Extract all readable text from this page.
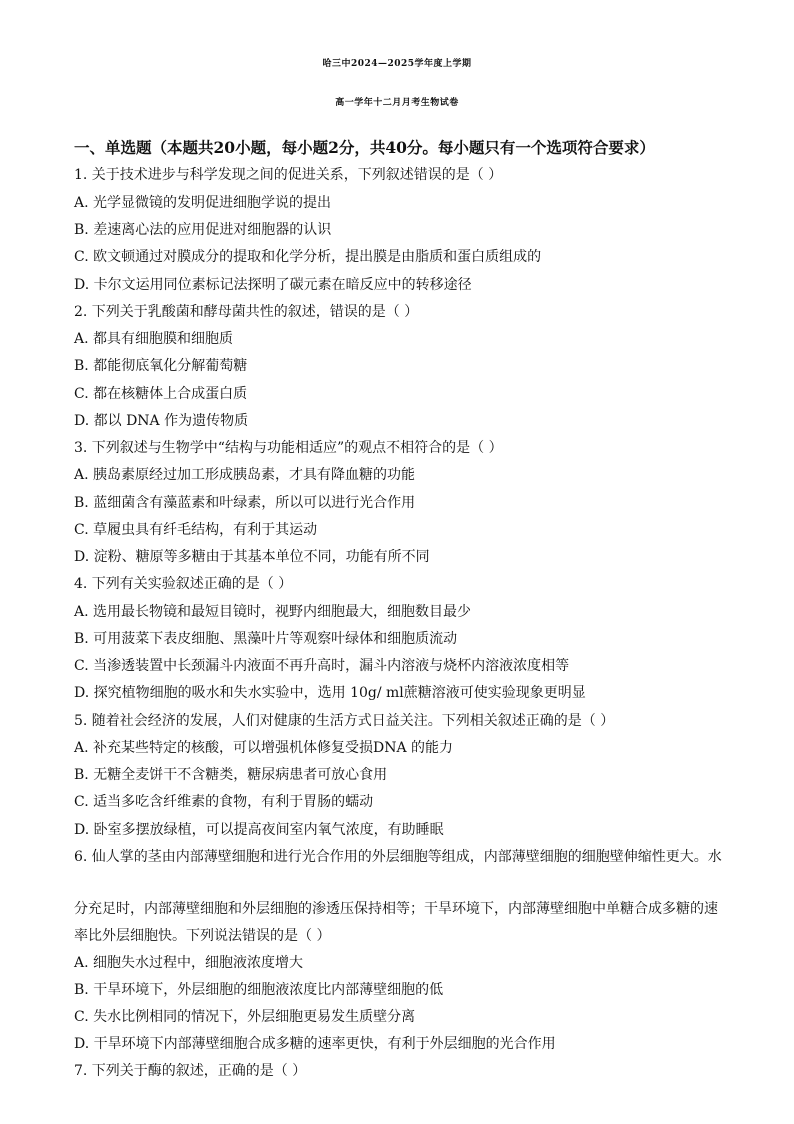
哈三中2024—2025学年度上学期
高一学年十二月月考生物试卷
一、单选题（本题共20小题，每小题2分，共40分。每小题只有一个选项符合要求）
1. 关于技术进步与科学发现之间的促进关系，下列叙述错误的是（ ）
A. 光学显微镜的发明促进细胞学说的提出
B. 差速离心法的应用促进对细胞器的认识
C. 欧文顿通过对膜成分的提取和化学分析，提出膜是由脂质和蛋白质组成的
D. 卡尔文运用同位素标记法探明了碳元素在暗反应中的转移途径
2. 下列关于乳酸菌和酵母菌共性的叙述，错误的是（ ）
A. 都具有细胞膜和细胞质
B. 都能彻底氧化分解葡萄糖
C. 都在核糖体上合成蛋白质
D. 都以 DNA 作为遗传物质
3. 下列叙述与生物学中“结构与功能相适应”的观点不相符合的是（ ）
A. 胰岛素原经过加工形成胰岛素，才具有降血糖的功能
B. 蓝细菌含有藻蓝素和叶绿素，所以可以进行光合作用
C. 草履虫具有纤毛结构，有利于其运动
D. 淀粉、糖原等多糖由于其基本单位不同，功能有所不同
4. 下列有关实验叙述正确的是（ ）
A. 选用最长物镜和最短目镜时，视野内细胞最大，细胞数目最少
B. 可用菠菜下表皮细胞、黑藻叶片等观察叶绿体和细胞质流动
C. 当渗透装置中长颈漏斗内液面不再升高时，漏斗内溶液与烧杯内溶液浓度相等
D. 探究植物细胞的吸水和失水实验中，选用 10g/ ml蔗糖溶液可使实验现象更明显
5. 随着社会经济的发展，人们对健康的生活方式日益关注。下列相关叙述正确的是（ ）
A. 补充某些特定的核酸，可以增强机体修复受损DNA 的能力
B. 无糖全麦饼干不含糖类，糖尿病患者可放心食用
C. 适当多吃含纤维素的食物，有利于胃肠的蠕动
D. 卧室多摆放绿植，可以提高夜间室内氧气浓度，有助睡眠
6. 仙人掌的茎由内部薄壁细胞和进行光合作用的外层细胞等组成，内部薄壁细胞的细胞壁伸缩性更大。水
分充足时，内部薄壁细胞和外层细胞的渗透压保持相等；干旱环境下，内部薄壁细胞中单糖合成多糖的速
率比外层细胞快。下列说法错误的是（ ）
A. 细胞失水过程中，细胞液浓度增大
B. 干旱环境下，外层细胞的细胞液浓度比内部薄壁细胞的低
C. 失水比例相同的情况下，外层细胞更易发生质壁分离
D. 干旱环境下内部薄壁细胞合成多糖的速率更快，有利于外层细胞的光合作用
7. 下列关于酶的叙述，正确的是（ ）
